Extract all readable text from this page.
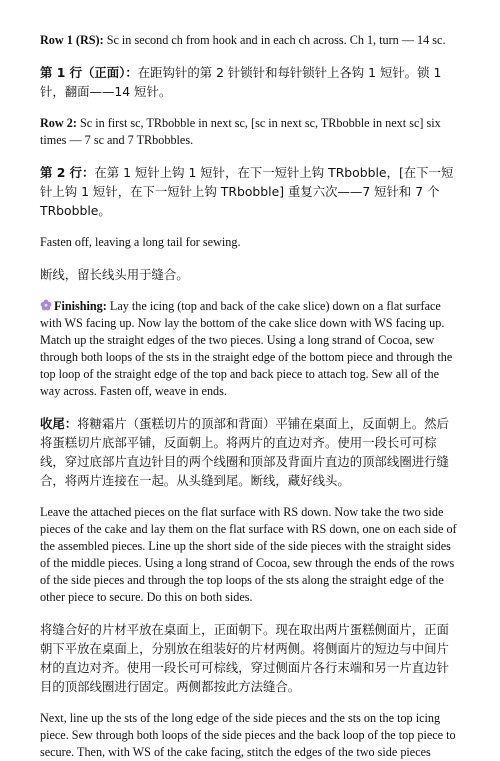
Row 1 (RS): Sc in second ch from hook and in each ch across. Ch 1, turn — 14 sc.

第 1 行（正面）：在距钩针的第 2 针锁针和每针锁针上各钩 1 短针。锁 1 针，翻面——14 短针。

Row 2: Sc in first sc, TRbobble in next sc, [sc in next sc, TRbobble in next sc] six times — 7 sc and 7 TRbobbles.

第 2 行：在第 1 短针上钩 1 短针，在下一短针上钩 TRbobble，[在下一短针上钩 1 短针，在下一短针上钩 TRbobble] 重复六次——7 短针和 7 个 TRbobble。

Fasten off, leaving a long tail for sewing.

断线，留长线头用于缝合。

Finishing: Lay the icing (top and back of the cake slice) down on a flat surface with WS facing up. Now lay the bottom of the cake slice down with WS facing up. Match up the straight edges of the two pieces. Using a long strand of Cocoa, sew through both loops of the sts in the straight edge of the bottom piece and through the top loop of the straight edge of the top and back piece to attach tog. Sew all of the way across. Fasten off, weave in ends.

收尾：将糖霜片（蛋糕切片的顶部和背面）平铺在桌面上，反面朝上。然后将蛋糕切片底部平铺，反面朝上。将两片的直边对齐。使用一段长可可棕线，穿过底部片直边针目的两个线圈和顶部及背面片直边的顶部线圈进行缝合，将两片连接在一起。从头缝到尾。断线，藏好线头。

Leave the attached pieces on the flat surface with RS down. Now take the two side pieces of the cake and lay them on the flat surface with RS down, one on each side of the assembled pieces. Line up the short side of the side pieces with the straight sides of the middle pieces. Using a long strand of Cocoa, sew through the ends of the rows of the side pieces and through the top loops of the sts along the straight edge of the other piece to secure. Do this on both sides.

将缝合好的片材平放在桌面上，正面朝下。现在取出两片蛋糕侧面片，正面朝下平放在桌面上，分别放在组装好的片材两侧。将侧面片的短边与中间片材的直边对齐。使用一段长可可棕线，穿过侧面片各行末端和另一片直边针目的顶部线圈进行固定。两侧都按此方法缝合。

Next, line up the sts of the long edge of the side pieces and the sts on the top icing piece. Sew through both loops of the side pieces and the back loop of the top piece to secure. Then, with WS of the cake facing, stitch the edges of the two side pieces
